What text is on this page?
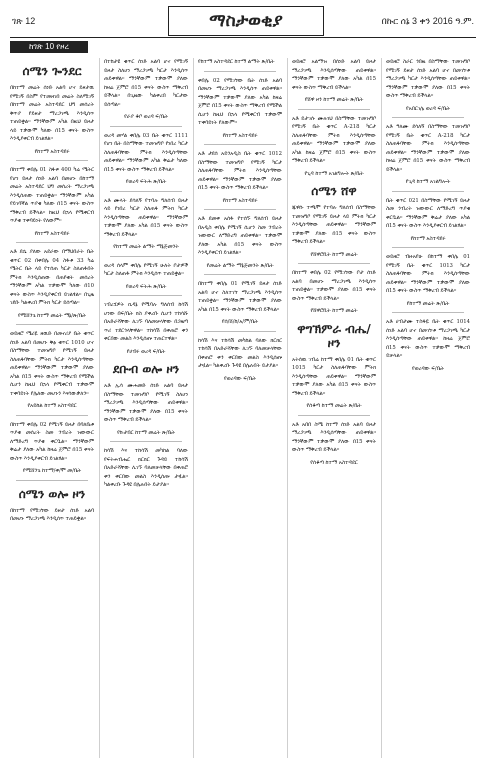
ገጽ 12	ማስታወቂያ	በኩር ሰኔ 3 ቀን 2016 ዓ.ም.
ከገጽ 10 የዞረ
ሰሜን ጐንደር

በከተማ መሬት ሰነድ አልባ ሆኖ ይዞታዉ የሚገኝ በስም የተመዘገበ መሬት ስለሚገኝ በከተማ መሬት አስተዳደር ህግ መሰረት ቅጥያ የይዞታ ማረጋገጫ እንዲሰጥ ተጠይቋል። ማንኛውም አካል በዚህ ይዞታ ላይ ተቃውሞ ካለው በ15 ቀናት ውስጥ እንዲያቀርብ ይገልፃል።

የከተማ አስተዳደሩ

በከተማ ቀበሌ 01 ስፋቱ 400 ካሬ ሜትር የሆነ ይዞታ ሰነድ አልባ በመሆኑ በከተማ መሬት አስተዳደር ህግ መሰረት ማረጋገጫ እንዲሰጠው ተጠይቋል። ማንኛውም አካል የይገባኛል ጥያቄ ካለው በ15 ቀናት ውስጥ ማቅረብ ይችላል። ከዚህ በኋላ የሚቀርብ ጥያቄ ተቀባይነት የለውም።

የከተማ አስተዳደሩ

አቶ ደሴ ያለው አደራው በማህበራት ቤት ቁጥር 02 በቀበሌ 04 ስፋቱ 33 ካሬ ሜትር ቤት ላይ የተሰጠ ካርታ ስለጠፋበት ምትክ እንዲሰጠው በጠየቁት መሰረት ማንኛውም አካል ተቃውሞ ካለው በ10 ቀናት ውስጥ እንዲያቀርብ ይገልፃል። በጊዜ ገደቡ ካልቀረበ ምትክ ካርታ ይሰጣል።

የሚሸንጌ ከተማ መሬት ማኔ/ጽ/ቤት

ወይዘሮ ሜሪዬ ዘዉድ በመኖሪያ ቤት ቁጥር ሰነድ አልባ በመሆኑ ቅፅ ቁጥር 1010 ሆኖ በስማቸው ተመዝግቦ የሚገኝ ይዞታ ስለጠፋባቸው ምትክ ካርታ እንዲሰጣቸው ጠይቀዋል። ማንኛውም ተቃውሞ ያለው አካል በ15 ቀናት ውስጥ ማቅረብ የሚችል ሲሆን ከዚህ በኋላ የሚቀርብ ተቃውሞ ተቀባይነት የሌለው መሆኑን እናሳውቃለን።

የአይከል ከተማ አስተዳደር

በከተማ ቀበሌ 02 የሚገኝ ይዞታ በባለቤቱ ጥያቄ መሰረት ስመ ንብረት ዝውውር ለማድረግ ጥያቄ ቀርቧል። ማንኛውም ቅሬታ ያለው አካል ከዛሬ ጀምሮ በ15 ቀናት ውስጥ እንዲያቀርብ ይገልፃል።

የሚሸንጌ ከተማ/ቀ/ሞ መ/ቤት
ሰሜን ወሎ ዞን

በከተማ የሚገኘው ይዞታ ሰነድ አልባ በመሆኑ ማረጋገጫ እንዲሰጥ ተጠይቋል።

በተከታዩ ቁጥር ሰነድ አልባ ሆኖ የሚገኝ ይዞታ ስለሆነ ማረጋገጫ ካርታ እንዲሰጥ ጠይቀዋል። ማንኛውም ተቃውሞ ያለው ከዛሬ ጀምሮ በ15 ቀናት ውስጥ ማቅረብ ይችላል። በጊዜው ካልቀረበ ካርታው ይሰጣል።

የራያ ቆቦ ወረዳ ፍ/ቤት

ወረዳ መሃል ቀበሌ 03 ቤት ቁጥር 1111 የሆነ ቤት በስማቸው ተመዝግቦ የነበረ ካርታ ስለጠፋባቸው ምትክ እንዲሰጣቸው ጠይቀዋል። ማንኛውም አካል ቅሬታ ካለው በ15 ቀናት ውስጥ ማቅረብ ይችላል።

የወረዳ ፍትሕ ጽ/ቤት

አቶ ሙላት ደሳለኝ የተባሉ ግለሰብ ይዞታ ላይ የነበረ ካርታ ስለጠፋ ምትክ ካርታ እንዲሰጣቸው ጠይቀዋል። ማንኛውም ተቃውሞ ያለው አካል በ15 ቀናት ውስጥ ማቅረብ ይችላል።

የከተማ መሬት ልማት ማኔጅመንት

ወረዳ ሰላም ቀበሌ የሚገኝ ሁለት ቦታዎች ካርታ ስለጠፋ ምትክ እንዲሰጥ ተጠይቋል።

የወረዳ ፍትሕ ጽ/ቤት

ገብረሂዎት ኪዳኔ የሚባሉ ግለሰብ ከሳሽ ሆነው በፍ/ቤት ክስ ያቀረቡ ሲሆን ተከሳሹ በአድራሻቸው ሊገኙ ባለመቻላቸው በጋዜጣ ጥሪ ተደርጎላቸዋል። ተከሳሽ በቀጠሮ ቀን ቀርበው መልስ እንዲሰጡ ተጠርተዋል።

የሀብሩ ወረዳ ፍ/ቤት
ደቡብ ወሎ ዞን

አቶ ኢሳ ሙሐመድ ሰነድ አልባ ይዞታ በስማቸው ተመዝግቦ የሚገኝ ስለሆነ ማረጋገጫ እንዲሰጣቸው ጠይቀዋል። ማንኛውም ተቃውሞ ያለው በ15 ቀናት ውስጥ ማቅረብ ይችላል።

የኩታበር ከተማ መሬት ጽ/ቤት

ከሳሽ እና ተከሳሽ መካከል ባለው የፍትሐብሔር ክርክር ጉዳይ ተከሳሽ በአድራሻቸው ሊገኙ ባለመቻላቸው በቀጠሮ ቀን ቀርበው መልስ እንዲሰጡ ታዟል። ካልቀረቡ ጉዳዩ በሌሉበት ይታያል።

የከተማ አስተዳደር ከተማ ልማት ጽ/ቤት

ቀበሌ 02 የሚገኘው ቤት ሰነድ አልባ በመሆኑ ማረጋገጫ እንዲሰጥ ጠይቀዋል። ማንኛውም ተቃውሞ ያለው አካል ከዛሬ ጀምሮ በ15 ቀናት ውስጥ ማቅረብ የሚችል ሲሆን ከዚህ በኋላ የሚቀርብ ተቃውሞ ተቀባይነት የለውም።

የከተማ አስተዳደሩ

አቶ ታደሰ አይንአዲስ ቤት ቁጥር 1012 በስማቸው ተመዝግቦ የሚገኝ ካርታ ስለጠፋባቸው ምትክ እንዲሰጣቸው ጠይቀዋል። ማንኛውም ተቃውሞ ያለው በ15 ቀናት ውስጥ ማቅረብ ይችላል።

የከተማ አስተዳደሩ

አቶ ደመቀ አሰፋ የተሰኙ ግለሰብ ይዞታ በአዲስ ቀበሌ የሚገኝ ሲሆን ስመ ንብረት ዝውውር ለማድረግ ጠይቀዋል። ተቃውሞ ያለው አካል በ15 ቀናት ውስጥ እንዲያቀርብ ይገልፃል።

የመሬት ልማት ማኔጅመንት ጽ/ቤት

በከተማ ቀበሌ 01 የሚገኝ ይዞታ ሰነድ አልባ ሆኖ ስለተገኘ ማረጋገጫ እንዲሰጥ ተጠይቋል። ማንኛውም ተቃውሞ ያለው አካል በ15 ቀናት ውስጥ ማቅረብ ይችላል።

የሰ/ሸ/ከ/አ/ም/ቤት

ከሳሽ እና ተከሳሽ መካከል ባለው ክርክር ተከሳሽ በአድራሻቸው ሊገኙ ባለመቻላቸው በቀጠሮ ቀን ቀርበው መልስ እንዲሰጡ ታዟል። ካልቀረቡ ጉዳዩ በሌሉበት ይታያል።

የወረዳው ፍ/ቤት

ወይዘሮ አልማዝ በሰነድ አልባ ይዞታ ማረጋገጫ እንዲሰጣቸው ጠይቀዋል። ማንኛውም ተቃውሞ ያለው አካል በ15 ቀናት ውስጥ ማቅረብ ይችላል።

የሸዋ ዞን ከተማ መሬት ጽ/ቤት

አቶ ይታገሱ ሙሉነህ በስማቸው ተመዝግቦ የሚገኝ ቤት ቁጥር A-218 ካርታ ስለጠፋባቸው ምትክ እንዲሰጣቸው ጠይቀዋል። ማንኛውም ተቃውሞ ያለው አካል ከዛሬ ጀምሮ በ15 ቀናት ውስጥ ማቅረብ ይችላል።

የጊዳ ከተማ አገልግሎት ጽ/ቤት
ሰሜን ሸዋ

ጁዋሱ ተጫሞ የተባሉ ግለሰብ በስማቸው ተመዝግቦ የሚገኝ ይዞታ ላይ ምትክ ካርታ እንዲሰጣቸው ጠይቀዋል። ማንኛውም ተቃውሞ ያለው በ15 ቀናት ውስጥ ማቅረብ ይችላል።

የሸዋሮቢት ከተማ መሬት

በከተማ ቀበሌ 02 የሚገኘው ቦታ ሰነድ አልባ በመሆኑ ማረጋገጫ እንዲሰጥ ተጠይቋል። ተቃውሞ ያለው በ15 ቀናት ውስጥ ማቅረብ ይችላል።

የሸዋሮቢት ከተማ መሬት
ዋግኽምራ ብሔ/ዞን

አትሰዉ ገብሬ ከተማ ቀበሌ 01 ቤት ቁጥር 1015 ካርታ ስለጠፋባቸው ምትክ እንዲሰጣቸው ጠይቀዋል። ማንኛውም ተቃውሞ ያለው አካል በ15 ቀናት ውስጥ ማቅረብ ይችላል።

የሰቆጣ ከተማ መሬት ጽ/ቤት

አቶ አበበ ስሜ ከተማ ሰነድ አልባ ይዞታ ማረጋገጫ እንዲሰጣቸው ጠይቀዋል። ማንኛውም ተቃውሞ ያለው በ15 ቀናት ውስጥ ማቅረብ ይችላል።

የሰቆጣ ከተማ አስተዳደር

ወይዘሮ ስራር ጎበዜ በስማቸው ተመዝግቦ የሚገኝ ይዞታ ሰነድ አልባ ሆኖ በመገኘቱ ማረጋገጫ ካርታ እንዲሰጣቸው ጠይቀዋል። ማንኛውም ተቃውሞ ያለው በ15 ቀናት ውስጥ ማቅረብ ይችላል።

የአበርገሌ ወረዳ ፍ/ቤት

አቶ ዓለሙ ደሳለኝ በስማቸው ተመዝግቦ የሚገኝ ቤት ቁጥር A-218 ካርታ ስለጠፋባቸው ምትክ እንዲሰጣቸው ጠይቀዋል። ማንኛውም ተቃውሞ ያለው ከዛሬ ጀምሮ በ15 ቀናት ውስጥ ማቅረብ ይችላል።

የጊዳ ከተማ አገልግሎት

ቤት ቁጥር 021 በስማቸው የሚገኝ ይዞታ ስመ ንብረት ዝውውር ለማድረግ ጥያቄ ቀርቧል። ማንኛውም ቅሬታ ያለው አካል በ15 ቀናት ውስጥ እንዲያቀርብ ይገልፃል።

የከተማ አስተዳደሩ

ወይዘሮ ብዙአየሁ በከተማ ቀበሌ 01 የሚገኝ ቤት ቁጥር 1013 ካርታ ስለጠፋባቸው ምትክ እንዲሰጣቸው ጠይቀዋል። ማንኛውም ተቃውሞ ያለው በ15 ቀናት ውስጥ ማቅረብ ይችላል።

የከተማ መሬት ጽ/ቤት

አቶ ሀብታሙ ተስፋዬ ቤት ቁጥር 1014 ሰነድ አልባ ሆኖ በመገኘቱ ማረጋገጫ ካርታ እንዲሰጣቸው ጠይቀዋል። ከዛሬ ጀምሮ በ15 ቀናት ውስጥ ተቃውሞ ማቅረብ ይቻላል።

የወረዳው ፍ/ቤት
